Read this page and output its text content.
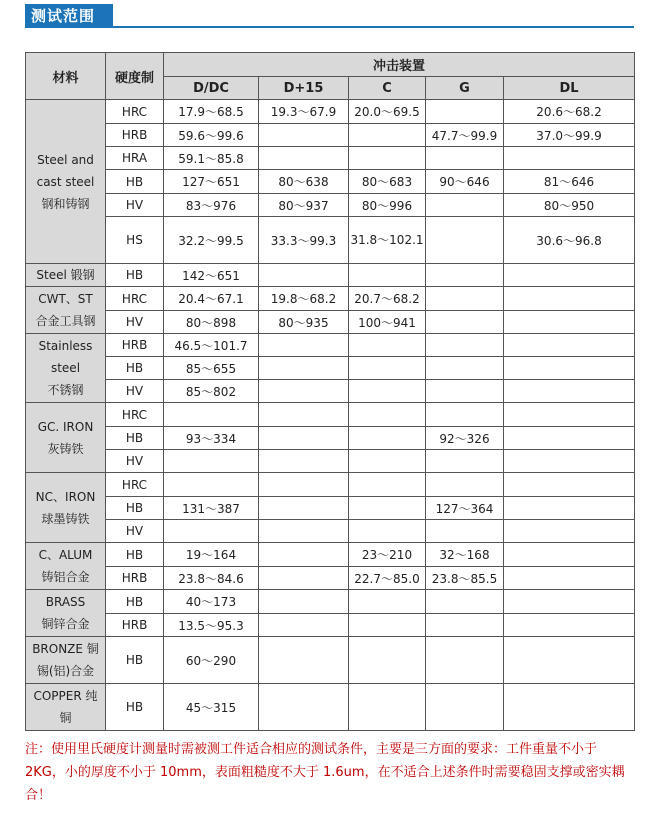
测试范围
材料	硬度制	冲击装置				
		D/DC	D+15	C	G	DL

Steel and
cast steel
钢和铸钢	HRC	17.9～68.5	19.3～67.9	20.0～69.5		20.6～68.2
	HRB	59.6～99.6			47.7～99.9	37.0～99.9
	HRA	59.1～85.8				
	HB	127～651	80～638	80～683	90～646	81～646
	HV	83～976	80～937	80～996		80～950
	HS	32.2～99.5	33.3～99.3	31.8～102.1		30.6～96.8

Steel 锻钢	HB	142～651				

CWT、ST
合金工具钢	HRC	20.4～67.1	19.8～68.2	20.7～68.2		
	HV	80～898	80～935	100～941		

Stainless
steel
不锈钢	HRB	46.5～101.7				
	HB	85～655				
	HV	85～802				

GC. IRON
灰铸铁	HRC					
	HB	93～334			92～326	
	HV					

NC、IRON
球墨铸铁	HRC					
	HB	131～387			127～364	
	HV					

C、ALUM
铸铝合金	HB	19～164		23～210	32～168	
	HRB	23.8～84.6		22.7～85.0	23.8～85.5	

BRASS
铜锌合金	HB	40～173				
	HRB	13.5～95.3				

BRONZE 铜
锡(铝)合金	HB	60～290				

COPPER 纯
铜	HB	45～315				
注：使用里氏硬度计测量时需被测工件适合相应的测试条件，主要是三方面的要求：工件重量不小于 2KG，小的厚度不小于 10mm，表面粗糙度不大于 1.6um，在不适合上述条件时需要稳固支撑或密实耦合！
